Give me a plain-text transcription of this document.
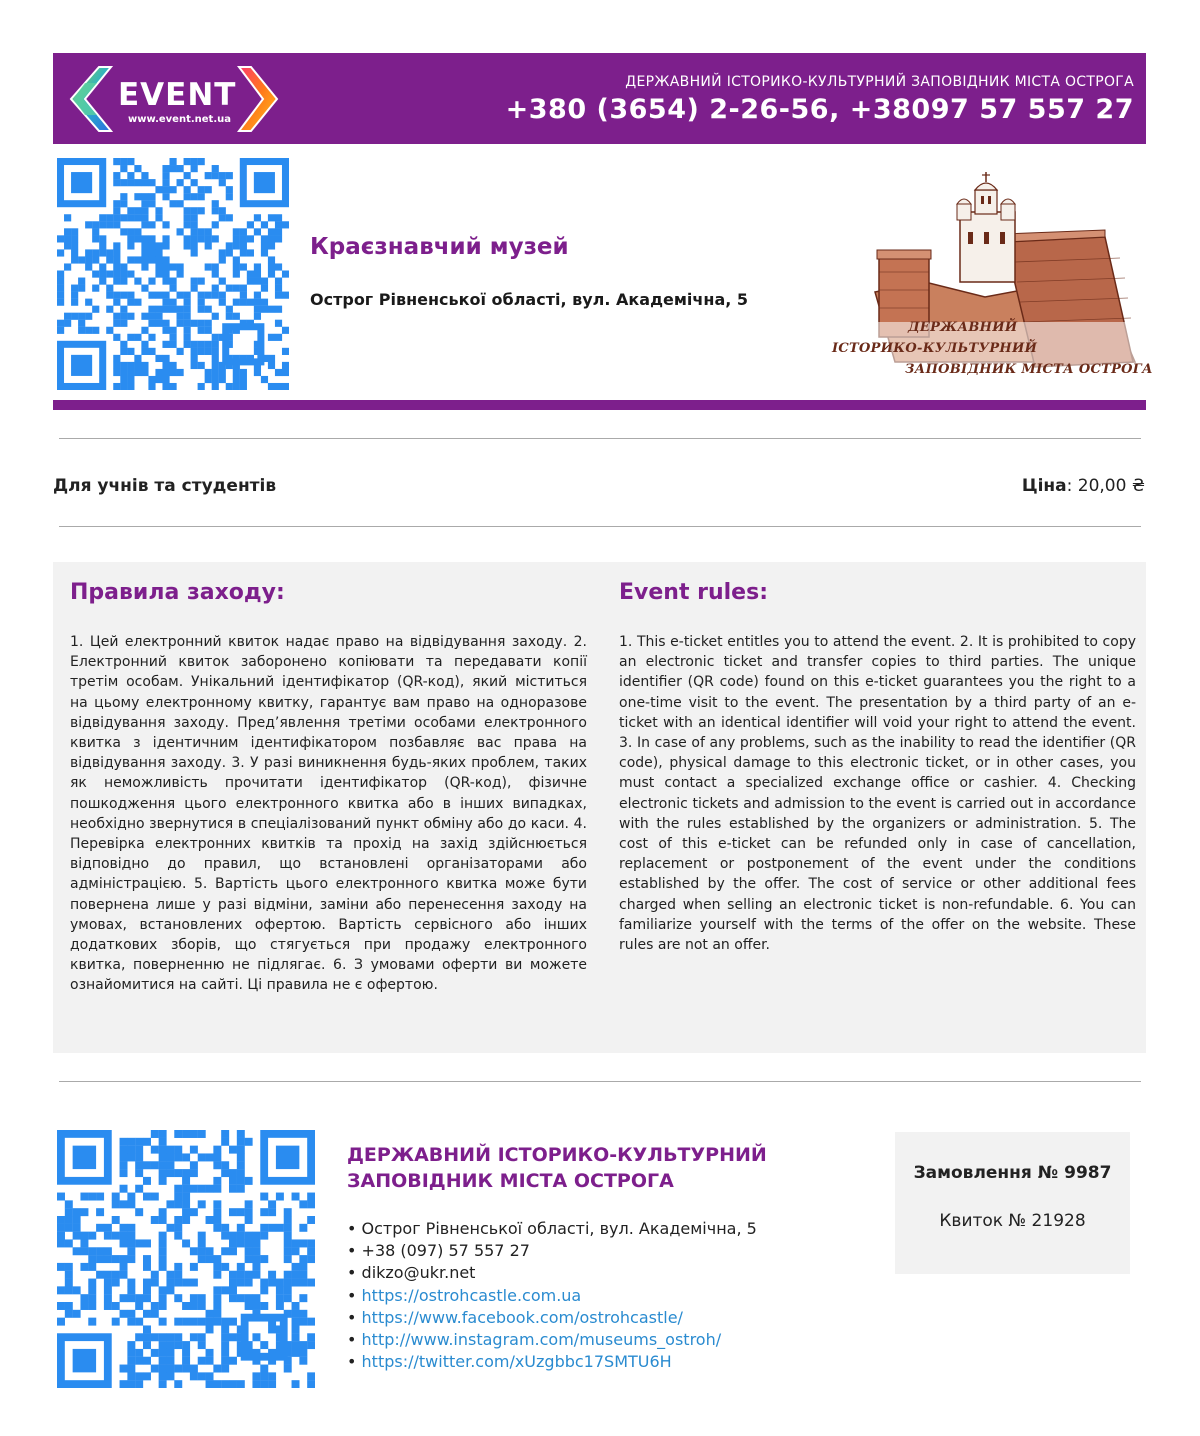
EVENT
www.event.net.ua
ДЕРЖАВНИЙ ІСТОРИКО-КУЛЬТУРНИЙ ЗАПОВІДНИК МІСТА ОСТРОГА
+380 (3654) 2-26-56, +38097 57 557 27
Краєзнавчий музей
Острог Рівненської області, вул. Академічна, 5
ДЕРЖАВНИЙ
ІСТОРИКО-КУЛЬТУРНИЙ
ЗАПОВІДНИК МІСТА ОСТРОГА
Для учнів та студентів	Ціна: 20,00 ₴
Правила заходу:
1. Цей електронний квиток надає право на відвідування заходу. 2. Електронний квиток заборонено копіювати та передавати копії третім особам. Унікальний ідентифікатор (QR-код), який міститься на цьому електронному квитку, гарантує вам право на одноразове відвідування заходу. Пред’явлення третіми особами електронного квитка з ідентичним ідентифікатором позбавляє вас права на відвідування заходу. 3. У разі виникнення будь-яких проблем, таких як неможливість прочитати ідентифікатор (QR-код), фізичне пошкодження цього електронного квитка або в інших випадках, необхідно звернутися в спеціалізований пункт обміну або до каси. 4. Перевірка електронних квитків та прохід на захід здійснюється відповідно до правил, що встановлені організаторами або адміністрацією. 5. Вартість цього електронного квитка може бути повернена лише у разі відміни, заміни або перенесення заходу на умовах, встановлених офертою. Вартість сервісного або інших додаткових зборів, що стягується при продажу електронного квитка, поверненню не підлягає. 6. З умовами оферти ви можете ознайомитися на сайті. Ці правила не є офертою.
Event rules:
1. This e-ticket entitles you to attend the event. 2. It is prohibited to copy an electronic ticket and transfer copies to third parties. The unique identifier (QR code) found on this e-ticket guarantees you the right to a one-time visit to the event. The presentation by a third party of an e-ticket with an identical identifier will void your right to attend the event. 3. In case of any problems, such as the inability to read the identifier (QR code), physical damage to this electronic ticket, or in other cases, you must contact a specialized exchange office or cashier. 4. Checking electronic tickets and admission to the event is carried out in accordance with the rules established by the organizers or administration. 5. The cost of this e-ticket can be refunded only in case of cancellation, replacement or postponement of the event under the conditions established by the offer. The cost of service or other additional fees charged when selling an electronic ticket is non-refundable. 6. You can familiarize yourself with the terms of the offer on the website. These rules are not an offer.
ДЕРЖАВНИЙ ІСТОРИКО-КУЛЬТУРНИЙ ЗАПОВІДНИК МІСТА ОСТРОГА
• Острог Рівненської області, вул. Академічна, 5
• +38 (097) 57 557 27
• dikzo@ukr.net
• https://ostrohcastle.com.ua
• https://www.facebook.com/ostrohcastle/
• http://www.instagram.com/museums_ostroh/
• https://twitter.com/xUzgbbc17SMTU6H
Замовлення № 9987
Квиток № 21928
